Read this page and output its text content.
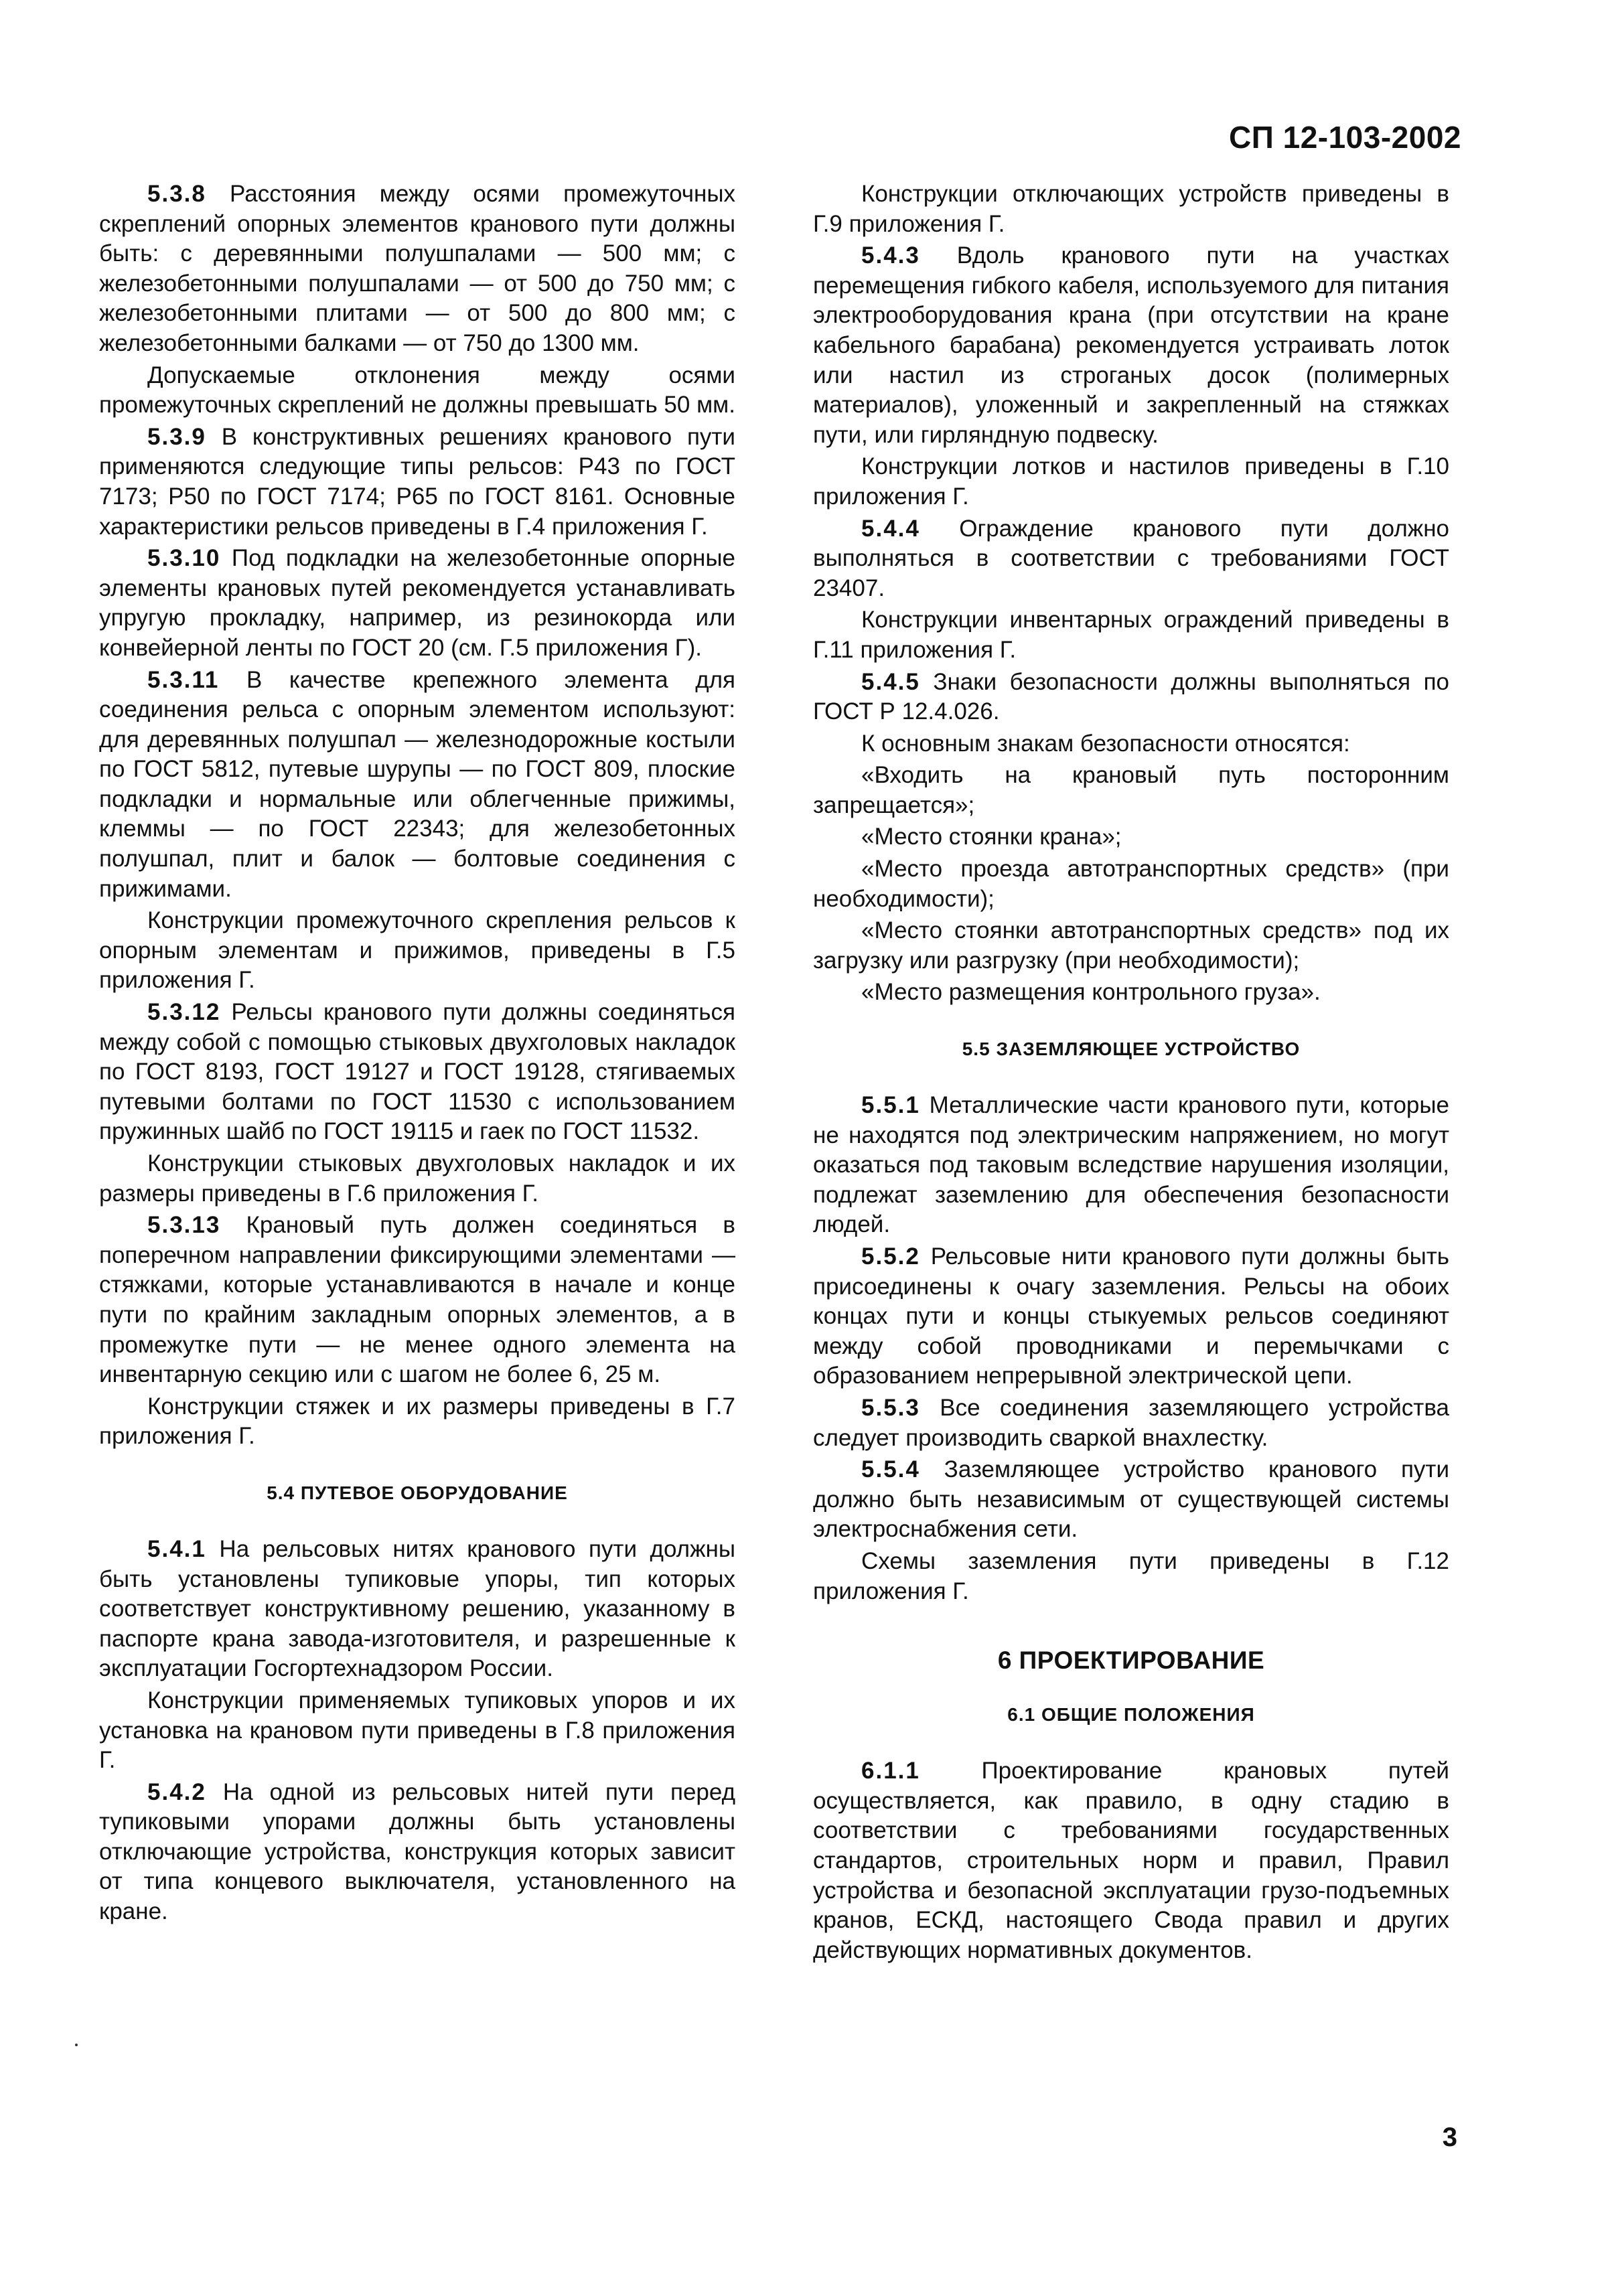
СП 12-103-2002

5.3.8 Расстояния между осями промежуточных скреплений опорных элементов кранового пути должны быть: с деревянными полушпалами — 500 мм; с железобетонными полушпалами — от 500 до 750 мм; с железобетонными плитами — от 500 до 800 мм; с железобетонными балками — от 750 до 1300 мм.

Допускаемые отклонения между осями промежуточных скреплений не должны превышать 50 мм.

5.3.9 В конструктивных решениях кранового пути применяются следующие типы рельсов: Р43 по ГОСТ 7173; Р50 по ГОСТ 7174; Р65 по ГОСТ 8161. Основные характеристики рельсов приведены в Г.4 приложения Г.

5.3.10 Под подкладки на железобетонные опорные элементы крановых путей рекомендуется устанавливать упругую прокладку, например, из резинокорда или конвейерной ленты по ГОСТ 20 (см. Г.5 приложения Г).

5.3.11 В качестве крепежного элемента для соединения рельса с опорным элементом используют: для деревянных полушпал — железнодорожные костыли по ГОСТ 5812, путевые шурупы — по ГОСТ 809, плоские подкладки и нормальные или облегченные прижимы, клеммы — по ГОСТ 22343; для железобетонных полушпал, плит и балок — болтовые соединения с прижимами.

Конструкции промежуточного скрепления рельсов к опорным элементам и прижимов, приведены в Г.5 приложения Г.

5.3.12 Рельсы кранового пути должны соединяться между собой с помощью стыковых двухголовых накладок по ГОСТ 8193, ГОСТ 19127 и ГОСТ 19128, стягиваемых путевыми болтами по ГОСТ 11530 с использованием пружинных шайб по ГОСТ 19115 и гаек по ГОСТ 11532.

Конструкции стыковых двухголовых накладок и их размеры приведены в Г.6 приложения Г.

5.3.13 Крановый путь должен соединяться в поперечном направлении фиксирующими элементами — стяжками, которые устанавливаются в начале и конце пути по крайним закладным опорных элементов, а в промежутке пути — не менее одного элемента на инвентарную секцию или с шагом не более 6, 25 м.

Конструкции стяжек и их размеры приведены в Г.7 приложения Г.

5.4 ПУТЕВОЕ ОБОРУДОВАНИЕ

5.4.1 На рельсовых нитях кранового пути должны быть установлены тупиковые упоры, тип которых соответствует конструктивному решению, указанному в паспорте крана завода-изготовителя, и разрешенные к эксплуатации Госгортехнадзором России.

Конструкции применяемых тупиковых упоров и их установка на крановом пути приведены в Г.8 приложения Г.

5.4.2 На одной из рельсовых нитей пути перед тупиковыми упорами должны быть установлены отключающие устройства, конструкция которых зависит от типа концевого выключателя, установленного на кране.

Конструкции отключающих устройств приведены в Г.9 приложения Г.

5.4.3 Вдоль кранового пути на участках перемещения гибкого кабеля, используемого для питания электрооборудования крана (при отсутствии на кране кабельного барабана) рекомендуется устраивать лоток или настил из строганых досок (полимерных материалов), уложенный и закрепленный на стяжках пути, или гирляндную подвеску.

Конструкции лотков и настилов приведены в Г.10 приложения Г.

5.4.4 Ограждение кранового пути должно выполняться в соответствии с требованиями ГОСТ 23407.

Конструкции инвентарных ограждений приведены в Г.11 приложения Г.

5.4.5 Знаки безопасности должны выполняться по ГОСТ Р 12.4.026.

К основным знакам безопасности относятся:

«Входить на крановый путь посторонним запрещается»;

«Место стоянки крана»;

«Место проезда автотранспортных средств» (при необходимости);

«Место стоянки автотранспортных средств» под их загрузку или разгрузку (при необходимости);

«Место размещения контрольного груза».

5.5 ЗАЗЕМЛЯЮЩЕЕ УСТРОЙСТВО

5.5.1 Металлические части кранового пути, которые не находятся под электрическим напряжением, но могут оказаться под таковым вследствие нарушения изоляции, подлежат заземлению для обеспечения безопасности людей.

5.5.2 Рельсовые нити кранового пути должны быть присоединены к очагу заземления. Рельсы на обоих концах пути и концы стыкуемых рельсов соединяют между собой проводниками и перемычками с образованием непрерывной электрической цепи.

5.5.3 Все соединения заземляющего устройства следует производить сваркой внахлестку.

5.5.4 Заземляющее устройство кранового пути должно быть независимым от существующей системы электроснабжения сети.

Схемы заземления пути приведены в Г.12 приложения Г.

6 ПРОЕКТИРОВАНИЕ
6.1 ОБЩИЕ ПОЛОЖЕНИЯ

6.1.1 Проектирование крановых путей осуществляется, как правило, в одну стадию в соответствии с требованиями государственных стандартов, строительных норм и правил, Правил устройства и безопасной эксплуатации грузо-подъемных кранов, ЕСКД, настоящего Свода правил и других действующих нормативных документов.

3
